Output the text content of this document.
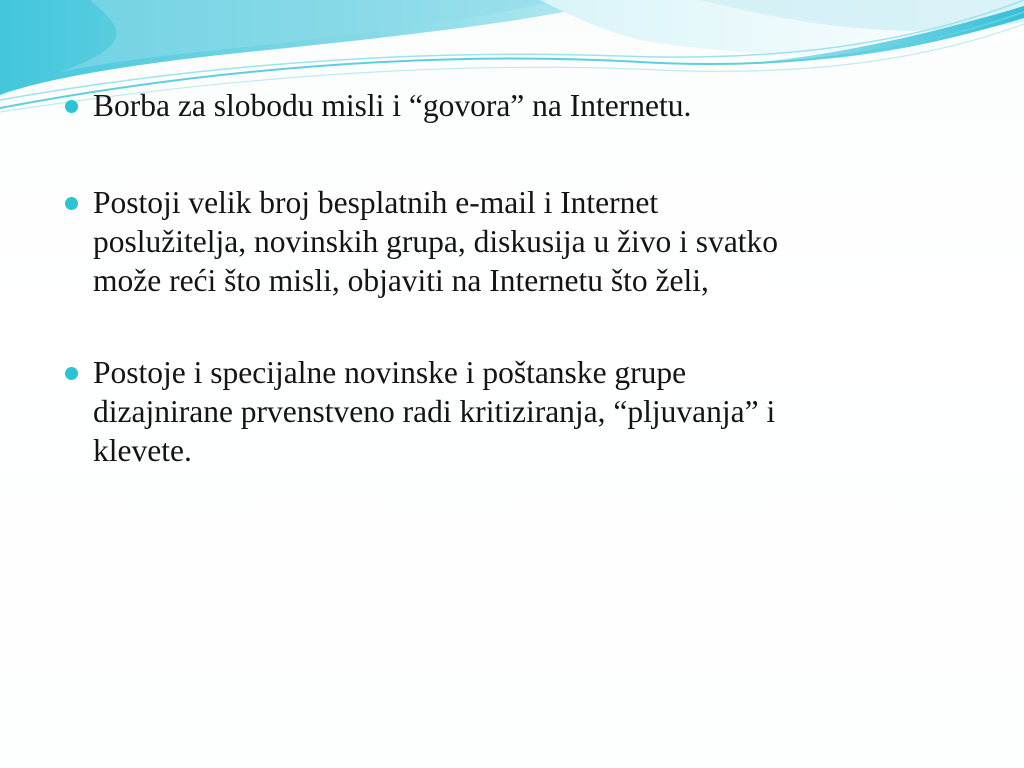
Borba za slobodu misli i “govora” na Internetu.
Postoji velik broj besplatnih e-mail i Internet
poslužitelja, novinskih grupa, diskusija u živo i svatko
može reći što misli, objaviti na Internetu što želi,
Postoje i specijalne novinske i poštanske grupe
dizajnirane prvenstveno radi kritiziranja, “pljuvanja” i
klevete.
